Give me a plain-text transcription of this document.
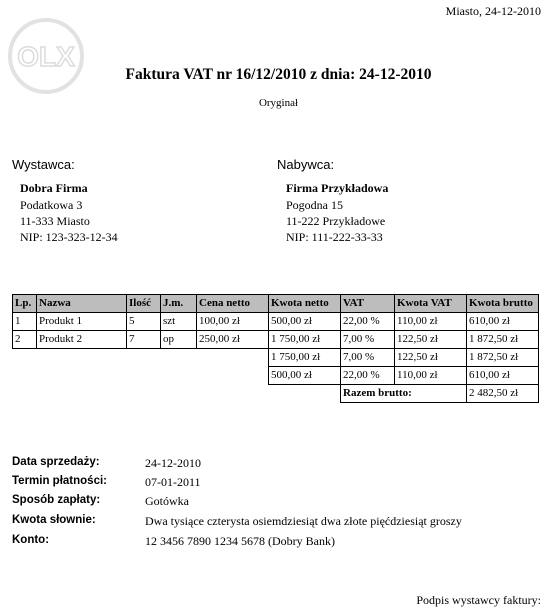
OLX
Miasto, 24-12-2010
Faktura VAT nr 16/12/2010 z dnia: 24-12-2010
Oryginał
Wystawca:
Dobra Firma
Podatkowa 3
11-333 Miasto
NIP: 123-323-12-34
Nabywca:
Firma Przykładowa
Pogodna 15
11-222 Przykładowe
NIP: 111-222-33-33
Lp.	Nazwa	Ilość	J.m.	Cena netto	Kwota netto	VAT	Kwota VAT	Kwota brutto
1	Produkt 1	5	szt	100,00 zł	500,00 zł	22,00 %	110,00 zł	610,00 zł
2	Produkt 2	7	op	250,00 zł	1 750,00 zł	7,00 %	122,50 zł	1 872,50 zł
					1 750,00 zł	7,00 %	122,50 zł	1 872,50 zł
					500,00 zł	22,00 %	110,00 zł	610,00 zł
						Razem brutto:		2 482,50 zł
Data sprzedaży:	24-12-2010
Termin płatności:	07-01-2011
Sposób zapłaty:	Gotówka
Kwota słownie:	Dwa tysiące czterysta osiemdziesiąt dwa złote pięćdziesiąt groszy
Konto:	12 3456 7890 1234 5678 (Dobry Bank)
Podpis wystawcy faktury:
